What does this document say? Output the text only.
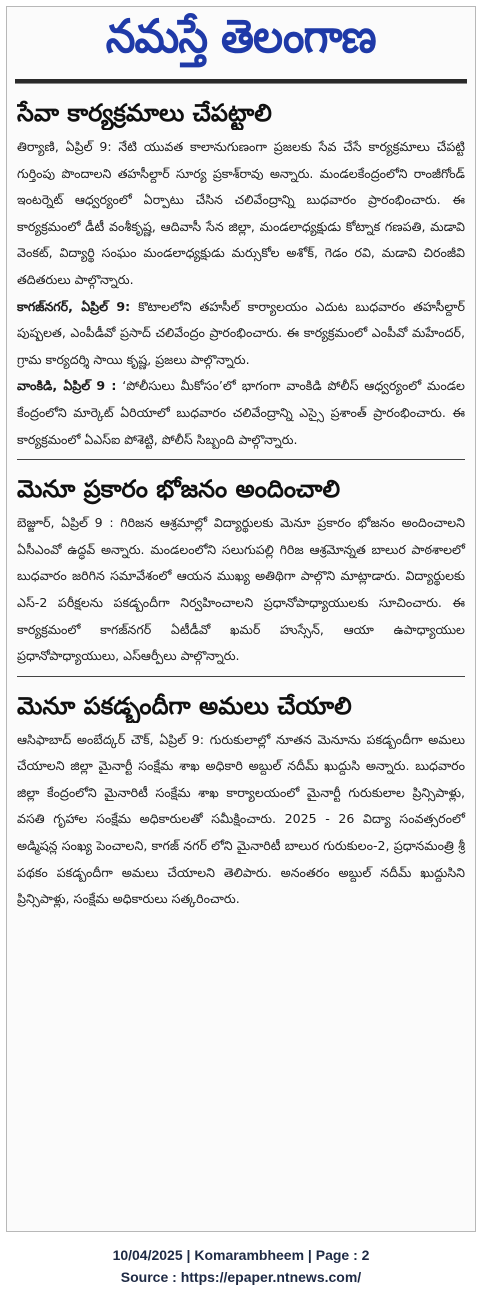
నమస్తే తెలంగాణ
సేవా కార్యక్రమాలు చేపట్టాలి

తిర్యాణి, ఏప్రిల్ 9: నేటి యువత కాలానుగుణంగా ప్రజలకు సేవ చేసే కార్యక్రమాలు చేపట్టి గుర్తింపు పొందాలని తహసీల్దార్ సూర్య ప్రకాశ్‌రావు అన్నారు. మండలకేంద్రంలోని రాంజీగోండ్ ఇంటర్నెట్ ఆధ్వర్యంలో ఏర్పాటు చేసిన చలివేంద్రాన్ని బుధవారం ప్రారంభించారు. ఈ కార్యక్రమంలో డీటీ వంశీకృష్ణ, ఆదివాసీ సేన జిల్లా, మండలాధ్యక్షుడు కోట్నాక గణపతి, మడావి వెంకట్, విద్యార్థి సంఘం మండలాధ్యక్షుడు మర్సుకోల అశోక్, గెడం రవి, మడావి చిరంజీవి తదితరులు పాల్గొన్నారు.

కాగజ్‌నగర్, ఏప్రిల్ 9: కొటాలలోని తహసీల్ కార్యాలయం ఎదుట బుధవారం తహసీల్దార్ పుష్పలత, ఎంపీడీవో ప్రసాద్ చలివేంద్రం ప్రారంభించారు. ఈ కార్యక్రమంలో ఎంపీవో మహేందర్, గ్రామ కార్యదర్శి సాయి కృష్ణ, ప్రజలు పాల్గొన్నారు.

వాంకిడి, ఏప్రిల్ 9 : ‘పోలీసులు మీకోసం’లో భాగంగా వాంకిడి పోలీస్ ఆధ్వర్యంలో మండల కేంద్రంలోని మార్కెట్ ఏరియాలో బుధవారం చలివేంద్రాన్ని ఎస్సై ప్రశాంత్ ప్రారంభించారు. ఈ కార్యక్రమంలో ఏఎస్ఐ పోశెట్టి, పోలీస్ సిబ్బంది పాల్గొన్నారు.

మెనూ ప్రకారం భోజనం అందించాలి

బెజ్జూర్, ఏప్రిల్ 9 : గిరిజన ఆశ్రమాల్లో విద్యార్థులకు మెనూ ప్రకారం భోజనం అందించాలని ఏసీఎంవో ఉద్ధవ్ అన్నారు. మండలంలోని సలుగుపల్లి గిరిజ ఆశ్రమోన్నత బాలుర పాఠశాలలో బుధవారం జరిగిన సమావేశంలో ఆయన ముఖ్య అతిథిగా పాల్గొని మాట్లాడారు. విద్యార్థులకు ఎస్-2 పరీక్షలను పకడ్బందీగా నిర్వహించాలని ప్రధానోపాధ్యాయులకు సూచించారు. ఈ కార్యక్రమంలో కాగజ్‌నగర్ ఏటీడీవో ఖమర్ హుస్సేన్, ఆయా ఉపాధ్యాయుల ప్రధానోపాధ్యాయులు, ఎస్‌ఆర్పీలు పాల్గొన్నారు.

మెనూ పకడ్బందీగా అమలు చేయాలి

ఆసిఫాబాద్ అంబేద్కర్ చౌక్, ఏప్రిల్ 9: గురుకులాల్లో నూతన మెనూను పకడ్బందీగా అమలు చేయాలని జిల్లా మైనార్టీ సంక్షేమ శాఖ అధికారి అబ్దుల్ నదీమ్ ఖుద్దుసి అన్నారు. బుధవారం జిల్లా కేంద్రంలోని మైనారిటీ సంక్షేమ శాఖ కార్యాలయంలో మైనార్టీ గురుకులాల ప్రిన్సిపాళ్లు, వసతి గృహాల సంక్షేమ అధికారులతో సమీక్షించారు. 2025 - 26 విద్యా సంవత్సరంలో అడ్మిషన్ల సంఖ్య పెంచాలని, కాగజ్ నగర్ లోని మైనారిటీ బాలుర గురుకులం-2, ప్రధానమంత్రి శ్రీ పథకం పకడ్బందీగా అమలు చేయాలని తెలిపారు. అనంతరం అబ్దుల్ నదీమ్ ఖుద్దుసిని ప్రిన్సిపాళ్లు, సంక్షేమ అధికారులు సత్కరించారు.

10/04/2025 | Komarambheem | Page : 2
Source : https://epaper.ntnews.com/
